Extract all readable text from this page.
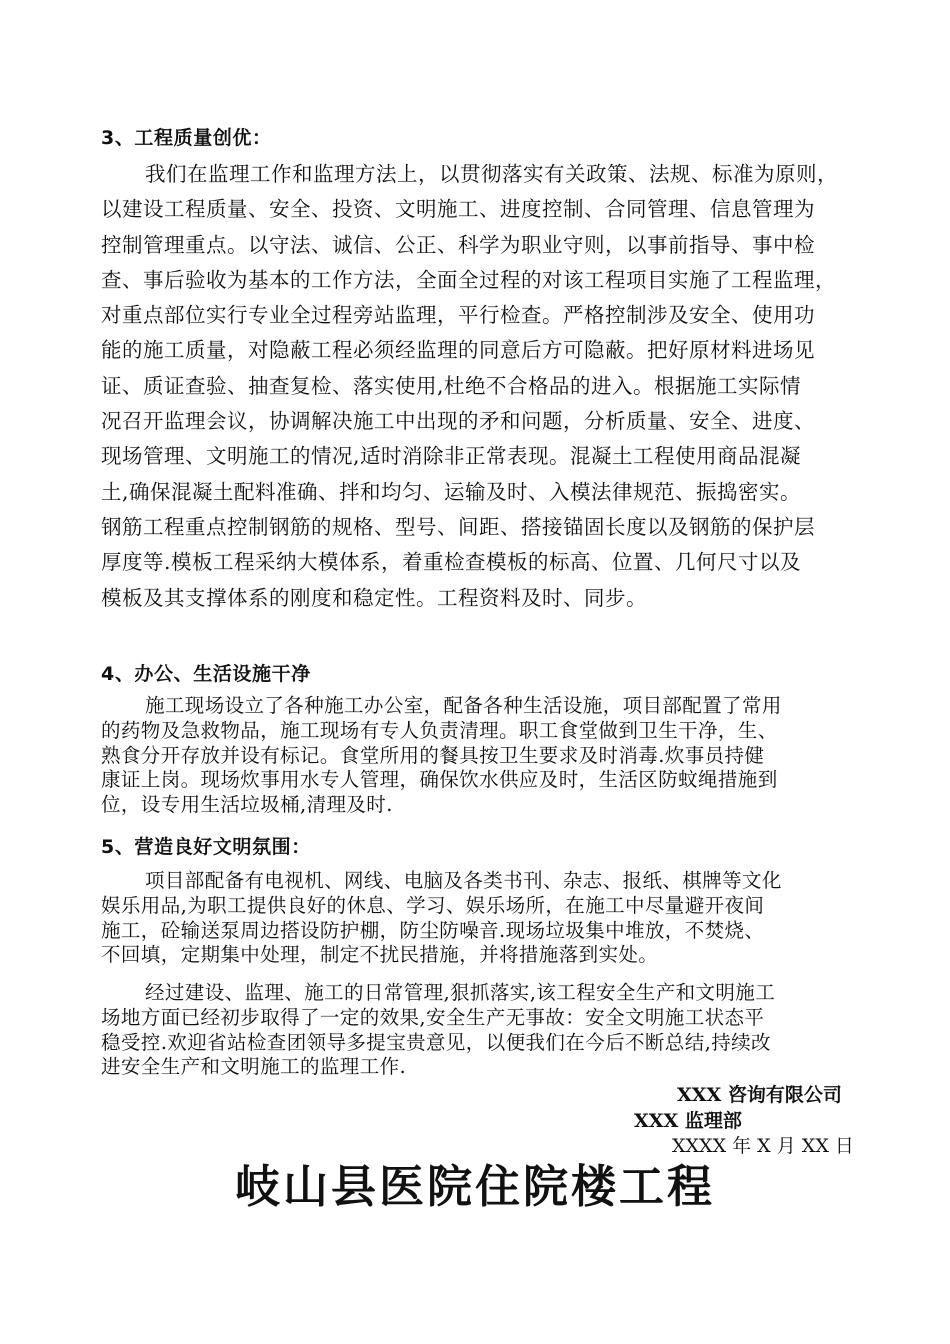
3、工程质量创优：
我们在监理工作和监理方法上，以贯彻落实有关政策、法规、标准为原则，
以建设工程质量、安全、投资、文明施工、进度控制、合同管理、信息管理为
控制管理重点。以守法、诚信、公正、科学为职业守则，以事前指导、事中检
查、事后验收为基本的工作方法，全面全过程的对该工程项目实施了工程监理，
对重点部位实行专业全过程旁站监理，平行检查。严格控制涉及安全、使用功
能的施工质量，对隐蔽工程必须经监理的同意后方可隐蔽。把好原材料进场见
证、质证查验、抽查复检、落实使用,杜绝不合格品的进入。根据施工实际情
况召开监理会议，协调解决施工中出现的矛和问题，分析质量、安全、进度、
现场管理、文明施工的情况,适时消除非正常表现。混凝土工程使用商品混凝
土,确保混凝土配料准确、拌和均匀、运输及时、入模法律规范、振捣密实。
钢筋工程重点控制钢筋的规格、型号、间距、搭接锚固长度以及钢筋的保护层
厚度等.模板工程采纳大模体系，着重检查模板的标高、位置、几何尺寸以及
模板及其支撑体系的刚度和稳定性。工程资料及时、同步。
4、办公、生活设施干净
施工现场设立了各种施工办公室，配备各种生活设施，项目部配置了常用
的药物及急救物品，施工现场有专人负责清理。职工食堂做到卫生干净，生、
熟食分开存放并设有标记。食堂所用的餐具按卫生要求及时消毒.炊事员持健
康证上岗。现场炊事用水专人管理，确保饮水供应及时，生活区防蚊绳措施到
位，设专用生活垃圾桶,清理及时.
5、营造良好文明氛围：
项目部配备有电视机、网线、电脑及各类书刊、杂志、报纸、棋牌等文化
娱乐用品,为职工提供良好的休息、学习、娱乐场所，在施工中尽量避开夜间
施工，砼输送泵周边搭设防护棚，防尘防噪音.现场垃圾集中堆放，不焚烧、
不回填，定期集中处理，制定不扰民措施，并将措施落到实处。
经过建设、监理、施工的日常管理,狠抓落实,该工程安全生产和文明施工
场地方面已经初步取得了一定的效果,安全生产无事故：安全文明施工状态平
稳受控.欢迎省站检查团领导多提宝贵意见，以便我们在今后不断总结,持续改
进安全生产和文明施工的监理工作.
XXX 咨询有限公司
XXX 监理部
XXXX 年 X 月 XX 日
岐山县医院住院楼工程
